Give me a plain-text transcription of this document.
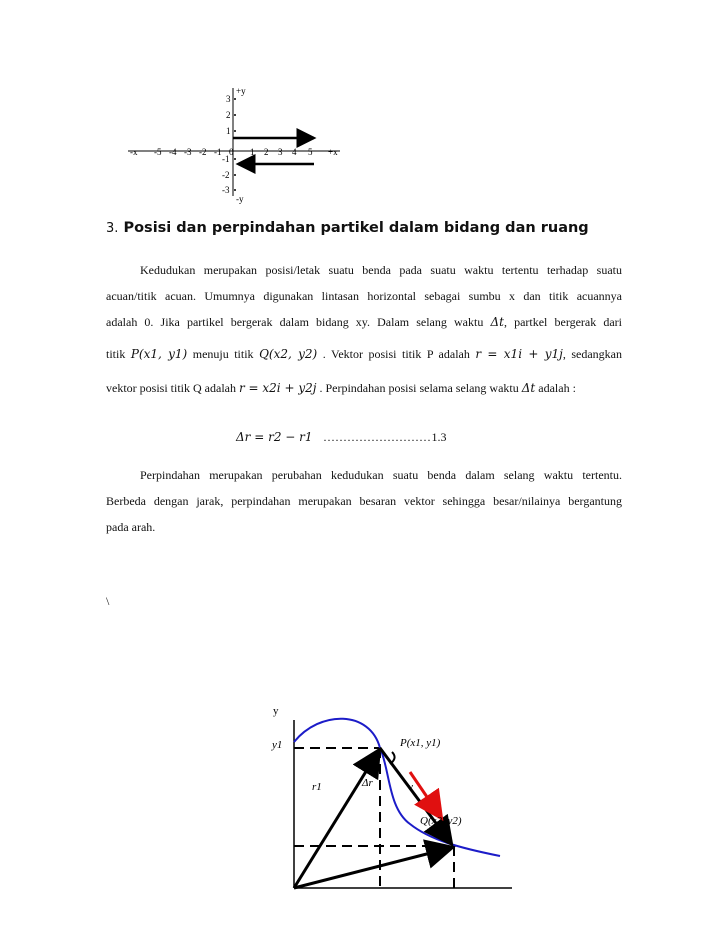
+y
-y
+x
-x	0
3
2
1
-1
-2
-3
-5 -4 -3 -2 -1	1 2 3 4 5
3. Posisi dan perpindahan partikel dalam bidang dan ruang
Kedudukan merupakan posisi/letak suatu benda pada suatu waktu tertentu terhadap suatu
acuan/titik acuan. Umumnya digunakan lintasan horizontal sebagai sumbu x dan titik acuannya
adalah 0. Jika partikel bergerak dalam bidang xy. Dalam selang waktu Δt, partkel bergerak dari
titik P(x1, y1) menuju titik Q(x2, y2) . Vektor posisi titik P adalah r = x1i + y1j, sedangkan
vektor posisi titik Q adalah r = x2i + y2j . Perpindahan posisi selama selang waktu Δt adalah :
Δr = r2 − r1 ...........................1.3
Perpindahan merupakan perubahan kedudukan suatu benda dalam selang waktu tertentu.
Berbeda dengan jarak, perpindahan merupakan besaran vektor sehingga besar/nilainya bergantung
pada arah.
\
y
y1	P(x1, y1)
Q(x2, y2)
r1	Δr	v
